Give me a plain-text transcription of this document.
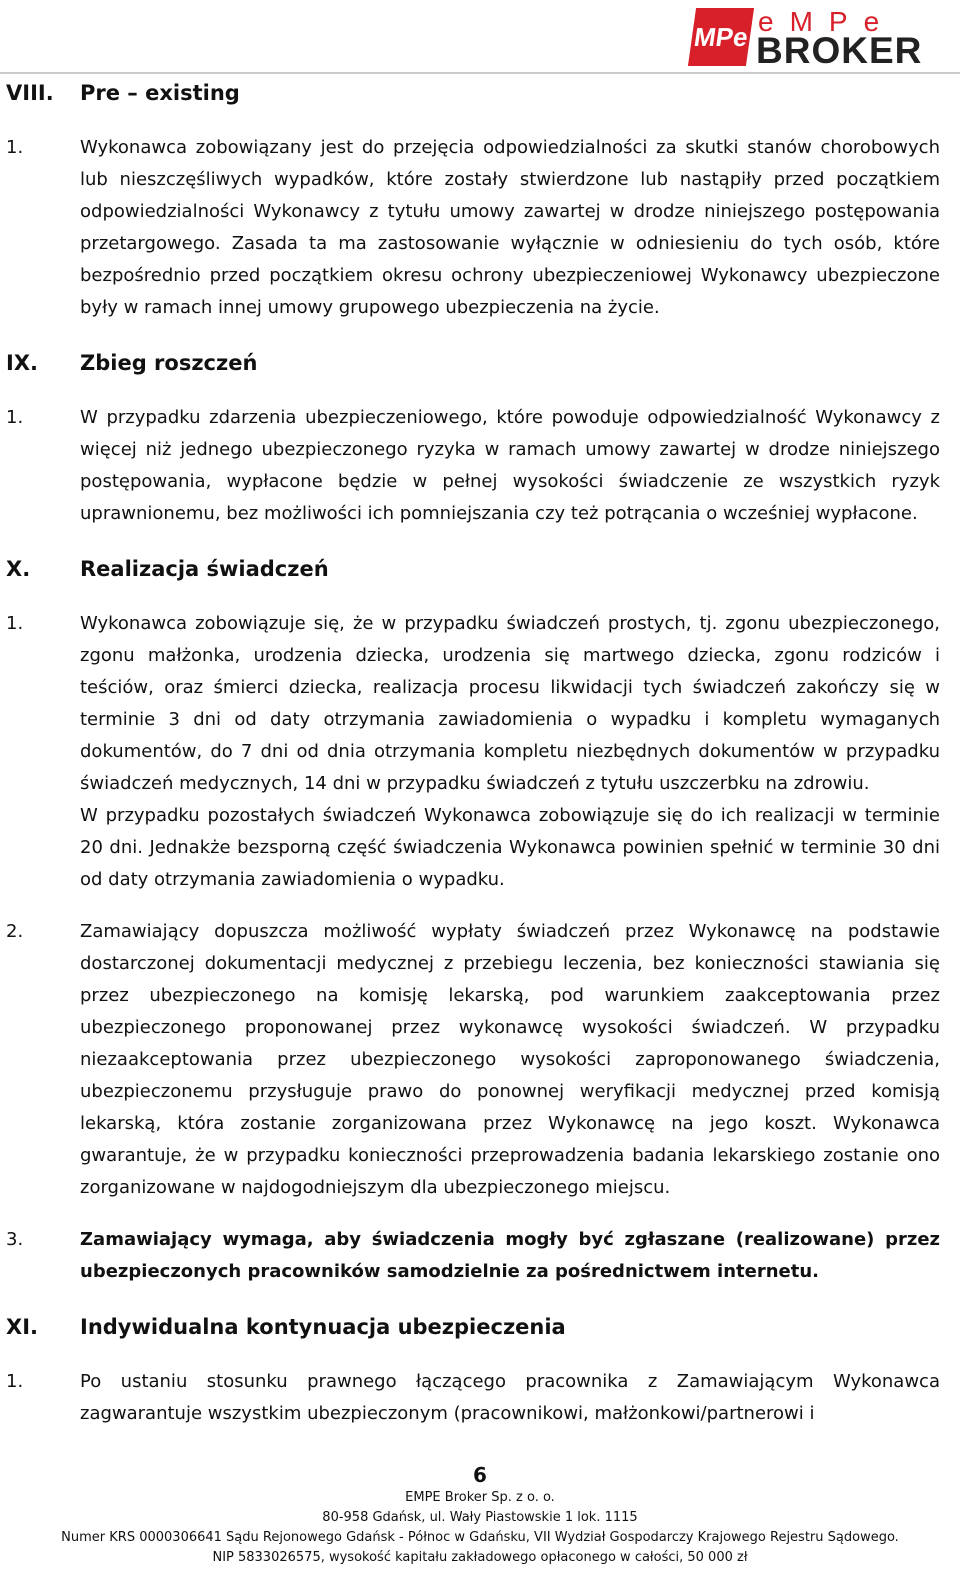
MPe eMPe
BROKER
VIII.	Pre – existing
1.	Wykonawca zobowiązany jest do przejęcia odpowiedzialności za skutki stanów chorobowych lub nieszczęśliwych wypadków, które zostały stwierdzone lub nastąpiły przed początkiem odpowiedzialności Wykonawcy z tytułu umowy zawartej w drodze niniejszego postępowania przetargowego. Zasada ta ma zastosowanie wyłącznie w odniesieniu do tych osób, które bezpośrednio przed początkiem okresu ochrony ubezpieczeniowej Wykonawcy ubezpieczone były w ramach innej umowy grupowego ubezpieczenia na życie.
IX.	Zbieg roszczeń
1.	W przypadku zdarzenia ubezpieczeniowego, które powoduje odpowiedzialność Wykonawcy z więcej niż jednego ubezpieczonego ryzyka w ramach umowy zawartej w drodze niniejszego postępowania, wypłacone będzie w pełnej wysokości świadczenie ze wszystkich ryzyk uprawnionemu, bez możliwości ich pomniejszania czy też potrącania o wcześniej wypłacone.
X.	Realizacja świadczeń
1.	Wykonawca zobowiązuje się, że w przypadku świadczeń prostych, tj. zgonu ubezpieczonego, zgonu małżonka, urodzenia dziecka, urodzenia się martwego dziecka, zgonu rodziców i teściów, oraz śmierci dziecka, realizacja procesu likwidacji tych świadczeń zakończy się w terminie 3 dni od daty otrzymania zawiadomienia o wypadku i kompletu wymaganych dokumentów, do 7 dni od dnia otrzymania kompletu niezbędnych dokumentów w przypadku świadczeń medycznych, 14 dni w przypadku świadczeń z tytułu uszczerbku na zdrowiu.
W przypadku pozostałych świadczeń Wykonawca zobowiązuje się do ich realizacji w terminie 20 dni. Jednakże bezsporną część świadczenia Wykonawca powinien spełnić w terminie 30 dni od daty otrzymania zawiadomienia o wypadku.
2.	Zamawiający dopuszcza możliwość wypłaty świadczeń przez Wykonawcę na podstawie dostarczonej dokumentacji medycznej z przebiegu leczenia, bez konieczności stawiania się przez ubezpieczonego na komisję lekarską, pod warunkiem zaakceptowania przez ubezpieczonego proponowanej przez wykonawcę wysokości świadczeń. W przypadku niezaakceptowania przez ubezpieczonego wysokości zaproponowanego świadczenia, ubezpieczonemu przysługuje prawo do ponownej weryfikacji medycznej przed komisją lekarską, która zostanie zorganizowana przez Wykonawcę na jego koszt. Wykonawca gwarantuje, że w przypadku konieczności przeprowadzenia badania lekarskiego zostanie ono zorganizowane w najdogodniejszym dla ubezpieczonego miejscu.
3.	Zamawiający wymaga, aby świadczenia mogły być zgłaszane (realizowane) przez ubezpieczonych pracowników samodzielnie za pośrednictwem internetu.
XI.	Indywidualna kontynuacja ubezpieczenia
1.	Po ustaniu stosunku prawnego łączącego pracownika z Zamawiającym Wykonawca zagwarantuje wszystkim ubezpieczonym (pracownikowi, małżonkowi/partnerowi i
6
EMPE Broker Sp. z o. o.
80-958 Gdańsk, ul. Wały Piastowskie 1 lok. 1115
Numer KRS 0000306641 Sądu Rejonowego Gdańsk - Północ w Gdańsku, VII Wydział Gospodarczy Krajowego Rejestru Sądowego.
NIP 5833026575, wysokość kapitału zakładowego opłaconego w całości, 50 000 zł
